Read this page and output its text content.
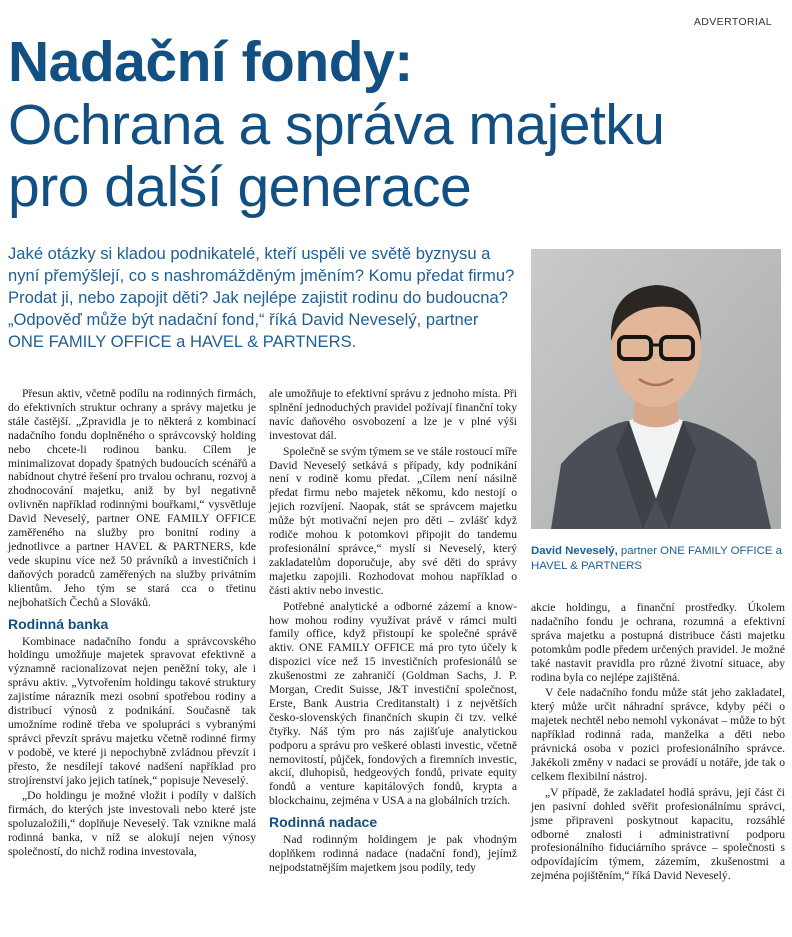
ADVERTORIAL
Nadační fondy:
Ochrana a správa majetku
pro další generace

Jaké otázky si kladou podnikatelé, kteří uspěli ve světě byznysu a nyní přemýšlejí, co s nashromážděným jměním? Komu předat firmu? Prodat ji, nebo zapojit děti? Jak nejlépe zajistit rodinu do budoucna? „Odpověď může být nadační fond,“ říká David Neveselý, partner ONE FAMILY OFFICE a HAVEL & PARTNERS.

David Neveselý, partner ONE FAMILY OFFICE a HAVEL & PARTNERS

Přesun aktiv, včetně podílu na rodinných firmách, do efektivních struktur ochrany a správy majetku je stále častější. „Zpravidla je to některá z kombinací nadačního fondu doplněného o správcovský holding nebo chcete-li rodinou banku. Cílem je minimalizovat dopady špatných budoucích scénářů a nabídnout chytré řešení pro trvalou ochranu, rozvoj a zhodnocování majetku, aniž by byl negativně ovlivněn například rodinnými bouřkami,“ vysvětluje David Neveselý, partner ONE FAMILY OFFICE zaměřeného na služby pro bonitní rodiny a jednotlivce a partner HAVEL & PARTNERS, kde vede skupinu více než 50 právníků a investičních i daňových poradců zaměřených na služby privátním klientům. Jeho tým se stará cca o třetinu nejbohatších Čechů a Slováků.

Rodinná banka

Kombinace nadačního fondu a správcovského holdingu umožňuje majetek spravovat efektivně a významně racionalizovat nejen peněžní toky, ale i správu aktiv. „Vytvořením holdingu takové struktury zajistíme nárazník mezi osobní spotřebou rodiny a distribucí výnosů z podnikání. Současně tak umožníme rodině třeba ve spolupráci s vybranými správci převzít správu majetku včetně rodinné firmy v podobě, ve které ji nepochybně zvládnou převzít i přesto, že nesdílejí takové nadšení například pro strojírenství jako jejich tatínek,“ popisuje Neveselý.

„Do holdingu je možné vložit i podíly v dalších firmách, do kterých jste investovali nebo které jste spoluzaložili,“ doplňuje Neveselý. Tak vznikne malá rodinná banka, v níž se alokují nejen výnosy společností, do nichž rodina investovala,

ale umožňuje to efektivní správu z jednoho místa. Při splnění jednoduchých pravidel požívají finanční toky navíc daňového osvobození a lze je v plné výši investovat dál.

Společně se svým týmem se ve stále rostoucí míře David Neveselý setkává s případy, kdy podnikání není v rodině komu předat. „Cílem není násilně předat firmu nebo majetek někomu, kdo nestojí o jejich rozvíjení. Naopak, stát se správcem majetku může být motivační nejen pro děti – zvlášť když rodiče mohou k potomkovi připojit do tandemu profesionální správce,“ myslí si Neveselý, který zakladatelům doporučuje, aby své děti do správy majetku zapojili. Rozhodovat mohou například o části aktiv nebo investic.

Potřebné analytické a odborné zázemí a know-how mohou rodiny využívat právě v rámci multi family office, když přistoupí ke společné správě aktiv. ONE FAMILY OFFICE má pro tyto účely k dispozici více než 15 investičních profesionálů se zkušenostmi ze zahraničí (Goldman Sachs, J. P. Morgan, Credit Suisse, J&T investiční společnost, Erste, Bank Austria Creditanstalt) i z největších česko-slovenských finančních skupin či tzv. velké čtyřky. Náš tým pro nás zajišťuje analytickou podporu a správu pro veškeré oblasti investic, včetně nemovitostí, půjček, fondových a firemních investic, akcií, dluhopisů, hedgeových fondů, private equity fondů a venture kapitálových fondů, krypta a blockchainu, zejména v USA a na globálních trzích.

Rodinná nadace

Nad rodinným holdingem je pak vhodným doplňkem rodinná nadace (nadační fond), jejímž nejpodstatnějším majetkem jsou podíly, tedy

akcie holdingu, a finanční prostředky. Úkolem nadačního fondu je ochrana, rozumná a efektivní správa majetku a postupná distribuce části majetku potomkům podle předem určených pravidel. Je možné také nastavit pravidla pro různé životní situace, aby rodina byla co nejlépe zajištěná.

V čele nadačního fondu může stát jeho zakladatel, který může určit náhradní správce, kdyby péči o majetek nechtěl nebo nemohl vykonávat – může to být například rodinná rada, manželka a děti nebo právnická osoba v pozici profesionálního správce. Jakékoli změny v nadaci se provádí u notáře, jde tak o celkem flexibilní nástroj.

„V případě, že zakladatel hodlá správu, její část či jen pasivní dohled svěřit profesionálnímu správci, jsme připraveni poskytnout kapacitu, rozsáhlé odborné znalosti i administrativní podporu profesionálního fiduciárního správce – společnosti s odpovídajícím týmem, zázemím, zkušenostmi a zejména pojištěním,“ říká David Neveselý.
